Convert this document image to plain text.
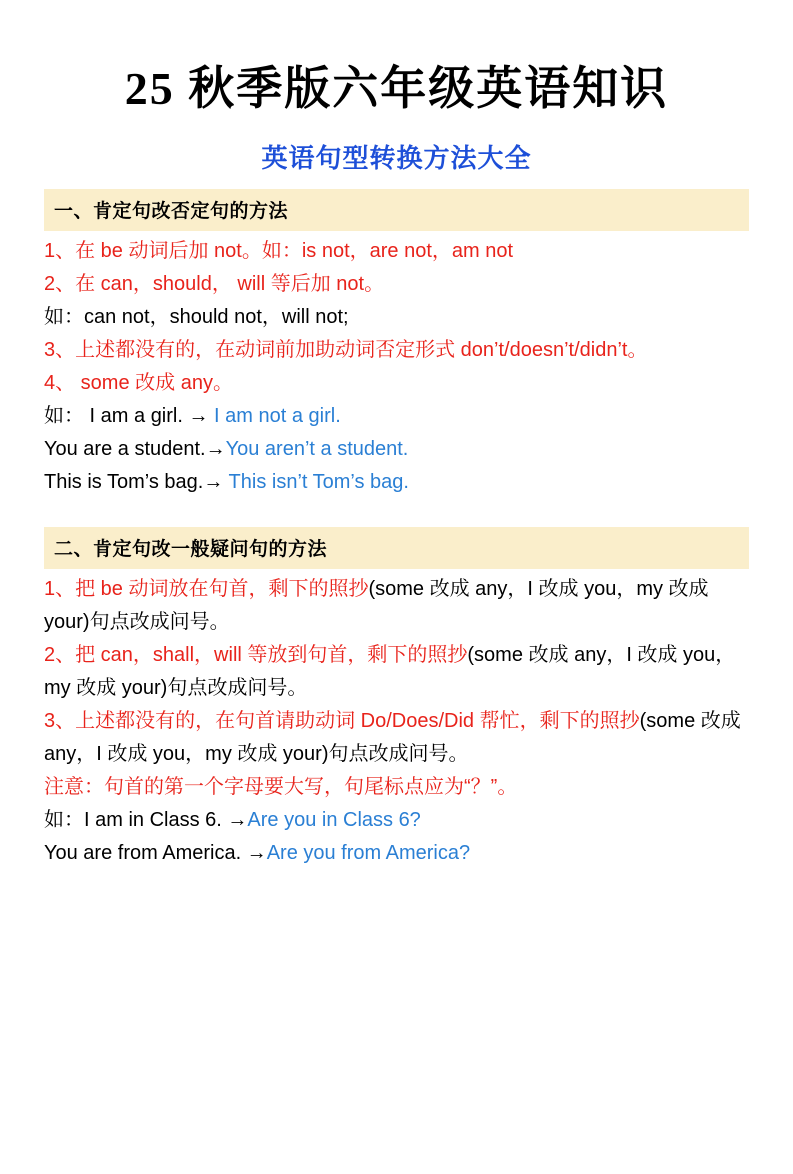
25 秋季版六年级英语知识
英语句型转换方法大全
一、肯定句改否定句的方法
1、在 be 动词后加 not。如：is not，are not，am not
2、在 can，should， will 等后加 not。
如：can not，should not，will not;
3、上述都没有的，在动词前加助动词否定形式 don’t/doesn’t/didn’t。
4、 some 改成 any。
如： I am a girl. → I am not a girl.
You are a student.→You aren’t a student.
This is Tom’s bag.→ This isn’t Tom’s bag.
二、肯定句改一般疑问句的方法
1、把 be 动词放在句首，剩下的照抄(some 改成 any，I 改成 you，my 改成 your)句点改成问号。
2、把 can，shall，will 等放到句首，剩下的照抄(some 改成 any，I 改成 you，my 改成 your)句点改成问号。
3、上述都没有的，在句首请助动词 Do/Does/Did 帮忙，剩下的照抄(some 改成 any，I 改成 you，my 改成 your)句点改成问号。
注意：句首的第一个字母要大写，句尾标点应为“？”。
如：I am in Class 6. →Are you in Class 6?
You are from America. →Are you from America?
